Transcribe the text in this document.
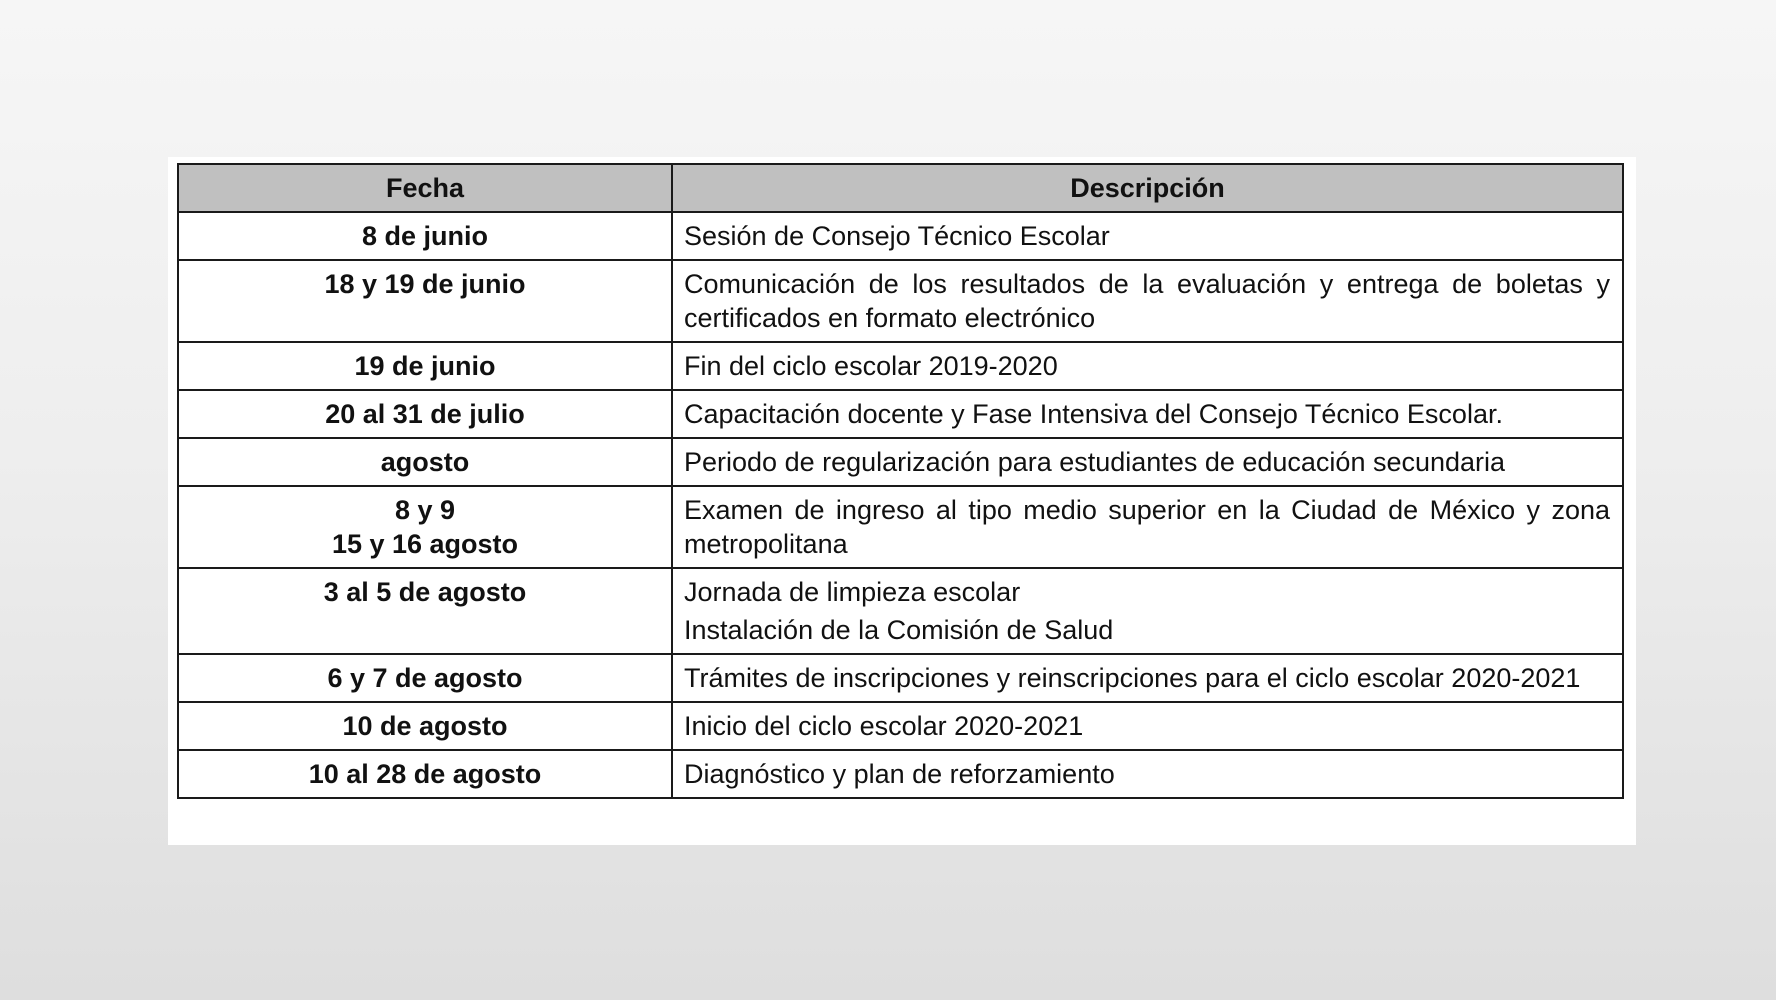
Fecha	Descripción

8 de junio	Sesión de Consejo Técnico Escolar

18 y 19 de junio	Comunicación de los resultados de la evaluación y entrega de boletas y certificados en formato electrónico

19 de junio	Fin del ciclo escolar 2019-2020

20 al 31 de julio	Capacitación docente y Fase Intensiva del Consejo Técnico Escolar.

agosto	Periodo de regularización para estudiantes de educación secundaria

8 y 9
15 y 16 agosto	Examen de ingreso al tipo medio superior en la Ciudad de México y zona metropolitana

3 al 5 de agosto	Jornada de limpieza escolar
Instalación de la Comisión de Salud

6 y 7 de agosto	Trámites de inscripciones y reinscripciones para el ciclo escolar 2020-2021

10 de agosto	Inicio del ciclo escolar 2020-2021

10 al 28 de agosto	Diagnóstico y plan de reforzamiento
